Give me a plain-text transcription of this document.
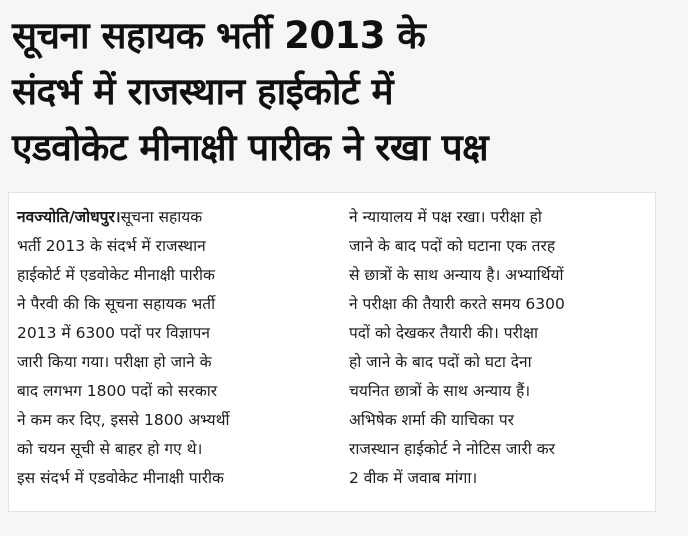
सूचना सहायक भर्ती 2013 के
संदर्भ में राजस्थान हाईकोर्ट में
एडवोकेट मीनाक्षी पारीक ने रखा पक्ष
नवज्योति/जोधपुर।सूचना सहायक
भर्ती 2013 के संदर्भ में राजस्थान
हाईकोर्ट में एडवोकेट मीनाक्षी पारीक
ने पैरवी की कि सूचना सहायक भर्ती
2013 में 6300 पदों पर विज्ञापन
जारी किया गया। परीक्षा हो जाने के
बाद लगभग 1800 पदों को सरकार
ने कम कर दिए, इससे 1800 अभ्यर्थी
को चयन सूची से बाहर हो गए थे।
इस संदर्भ में एडवोकेट मीनाक्षी पारीक
ने न्यायालय में पक्ष रखा। परीक्षा हो
जाने के बाद पदों को घटाना एक तरह
से छात्रों के साथ अन्याय है। अभ्यार्थियों
ने परीक्षा की तैयारी करते समय 6300
पदों को देखकर तैयारी की। परीक्षा
हो जाने के बाद पदों को घटा देना
चयनित छात्रों के साथ अन्याय हैं।
अभिषेक शर्मा की याचिका पर
राजस्थान हाईकोर्ट ने नोटिस जारी कर
2 वीक में जवाब मांगा।
